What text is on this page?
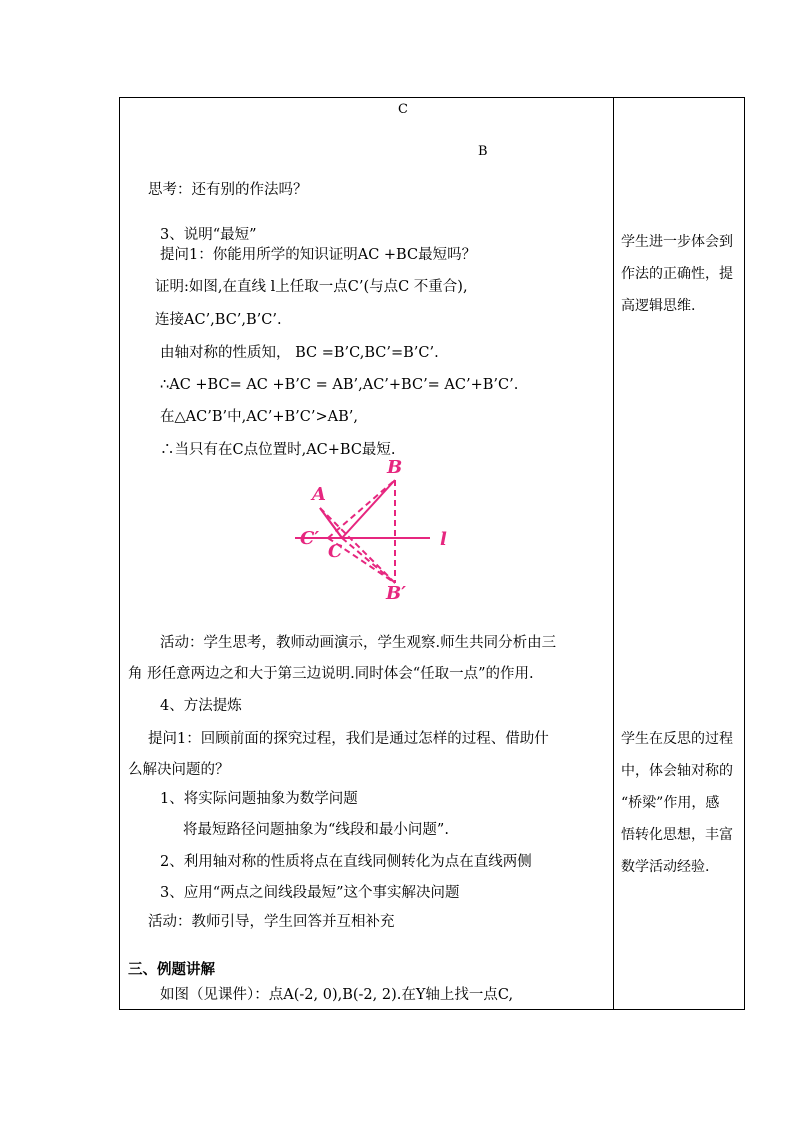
C
B
思考：还有别的作法吗？
3、说明“最短”
提问1：你能用所学的知识证明AC +BC最短吗？
证明:如图,在直线 l上任取一点C’(与点C 不重合),
连接AC’,BC’,B’C’.
由轴对称的性质知， BC =B’C,BC’=B’C’.
∴AC +BC= AC +B’C = AB’,AC’+BC’= AC’+B’C’.
在△AC’B’中,AC’+B’C’>AB’,
∴当只有在C点位置时,AC+BC最短.
A
B
C′
C
B′
l
活动：学生思考，教师动画演示，学生观察.师生共同分析由三
角 形任意两边之和大于第三边说明.同时体会“任取一点”的作用.
4、方法提炼
提问1：回顾前面的探究过程，我们是通过怎样的过程、借助什
么解决问题的？
1、将实际问题抽象为数学问题
将最短路径问题抽象为“线段和最小问题”.
2、利用轴对称的性质将点在直线同侧转化为点在直线两侧
3、应用“两点之间线段最短”这个事实解决问题
活动：教师引导，学生回答并互相补充
三、例题讲解
如图（见课件）：点A(-2, 0),B(-2, 2).在Y轴上找一点C,
学生进一步体会到
作法的正确性，提
高逻辑思维.
学生在反思的过程
中，体会轴对称的
“桥梁”作用，感
悟转化思想，丰富
数学活动经验.
